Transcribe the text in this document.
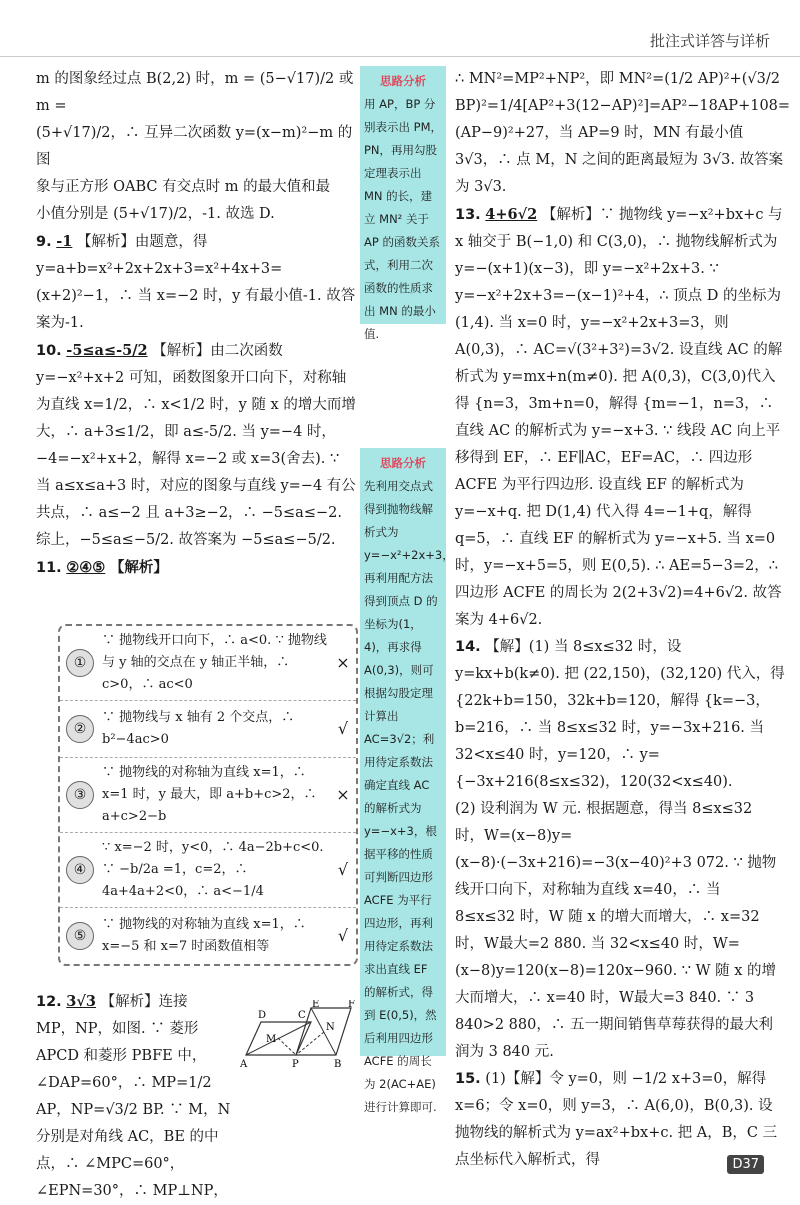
批注式详答与详析

m 的图象经过点 B(2,2) 时，m = (5−√17)/2 或 m =

(5+√17)/2，∴ 互异二次函数 y=(x−m)²−m 的图

象与正方形 OABC 有交点时 m 的最大值和最

小值分别是 (5+√17)/2，-1. 故选 D.

9. -1 【解析】由题意，得 y=a+b=x²+2x+2x+3=x²+4x+3=(x+2)²−1，∴ 当 x=−2 时，y 有最小值-1. 故答案为-1.

10. -5≤a≤-5/2 【解析】由二次函数 y=−x²+x+2 可知，函数图象开口向下，对称轴为直线 x=1/2，∴ x<1/2 时，y 随 x 的增大而增大，∴ a+3≤1/2，即 a≤-5/2. 当 y=−4 时，−4=−x²+x+2，解得 x=−2 或 x=3(舍去). ∵ 当 a≤x≤a+3 时，对应的图象与直线 y=−4 有公共点，∴ a≤−2 且 a+3≥−2，∴ −5≤a≤−2. 综上，−5≤a≤−5/2. 故答案为 −5≤a≤−5/2.

11. ②④⑤ 【解析】

①
∵ 抛物线开口向下，∴ a<0. ∵ 抛物线与 y 轴的交点在 y 轴正半轴，∴ c>0，∴ ac<0
×
②
∵ 抛物线与 x 轴有 2 个交点，∴ b²−4ac>0
√
③
∵ 抛物线的对称轴为直线 x=1，∴ x=1 时，y 最大，即 a+b+c>2，∴ a+c>2−b
×
④
∵ x=−2 时，y<0，∴ 4a−2b+c<0. ∵ −b/2a =1，c=2，∴ 4a+4a+2<0，∴ a<−1/4
√
⑤
∵ 抛物线的对称轴为直线 x=1，∴ x=−5 和 x=7 时函数值相等
√

12. 3√3 【解析】连接 MP，NP，如图. ∵ 菱形 APCD 和菱形 PBFE 中，∠DAP=60°，∴ MP=1/2 AP，NP=√3/2 BP. ∵ M，N 分别是对角线 AC，BE 的中点，∴ ∠MPC=60°，∠EPN=30°，∴ MP⊥NP，

D	C
E	F
M
N
A	P	B
思路分析
用 AP，BP 分别表示出 PM，PN，再用勾股定理表示出 MN 的长，建立 MN² 关于 AP 的函数关系式，利用二次函数的性质求出 MN 的最小值.
思路分析
先利用交点式得到抛物线解析式为 y=−x²+2x+3，再利用配方法得到顶点 D 的坐标为(1，4)，再求得 A(0,3)，则可根据勾股定理计算出 AC=3√2；利用待定系数法确定直线 AC 的解析式为 y=−x+3，根据平移的性质可判断四边形 ACFE 为平行四边形，再利用待定系数法求出直线 EF 的解析式，得到 E(0,5)，然后利用四边形 ACFE 的周长为 2(AC+AE) 进行计算即可.

∴ MN²=MP²+NP²，即 MN²=(1/2 AP)²+(√3/2 BP)²=1/4[AP²+3(12−AP)²]=AP²−18AP+108=(AP−9)²+27，当 AP=9 时，MN 有最小值 3√3，∴ 点 M，N 之间的距离最短为 3√3. 故答案为 3√3.

13. 4+6√2 【解析】∵ 抛物线 y=−x²+bx+c 与 x 轴交于 B(−1,0) 和 C(3,0)，∴ 抛物线解析式为 y=−(x+1)(x−3)，即 y=−x²+2x+3. ∵ y=−x²+2x+3=−(x−1)²+4，∴ 顶点 D 的坐标为(1,4). 当 x=0 时，y=−x²+2x+3=3，则 A(0,3)，∴ AC=√(3²+3²)=3√2. 设直线 AC 的解析式为 y=mx+n(m≠0). 把 A(0,3)，C(3,0)代入得 {n=3，3m+n=0，解得 {m=−1，n=3，∴ 直线 AC 的解析式为 y=−x+3. ∵ 线段 AC 向上平移得到 EF，∴ EF∥AC，EF=AC，∴ 四边形 ACFE 为平行四边形. 设直线 EF 的解析式为 y=−x+q. 把 D(1,4) 代入得 4=−1+q，解得 q=5，∴ 直线 EF 的解析式为 y=−x+5. 当 x=0 时，y=−x+5=5，则 E(0,5). ∴ AE=5−3=2，∴ 四边形 ACFE 的周长为 2(2+3√2)=4+6√2. 故答案为 4+6√2.

14. 【解】(1) 当 8≤x≤32 时，设 y=kx+b(k≠0). 把 (22,150)，(32,120) 代入，得 {22k+b=150，32k+b=120，解得 {k=−3，b=216，∴ 当 8≤x≤32 时，y=−3x+216. 当 32<x≤40 时，y=120，∴ y={−3x+216(8≤x≤32)，120(32<x≤40).

(2) 设利润为 W 元. 根据题意，得当 8≤x≤32 时，W=(x−8)y=(x−8)·(−3x+216)=−3(x−40)²+3 072. ∵ 抛物线开口向下，对称轴为直线 x=40，∴ 当 8≤x≤32 时，W 随 x 的增大而增大，∴ x=32 时，W最大=2 880. 当 32<x≤40 时，W=(x−8)y=120(x−8)=120x−960. ∵ W 随 x 的增大而增大，∴ x=40 时，W最大=3 840. ∵ 3 840>2 880，∴ 五一期间销售草莓获得的最大利润为 3 840 元.

15. (1)【解】令 y=0，则 −1/2 x+3=0，解得 x=6；令 x=0，则 y=3，∴ A(6,0)，B(0,3). 设抛物线的解析式为 y=ax²+bx+c. 把 A，B，C 三点坐标代入解析式，得	D37
